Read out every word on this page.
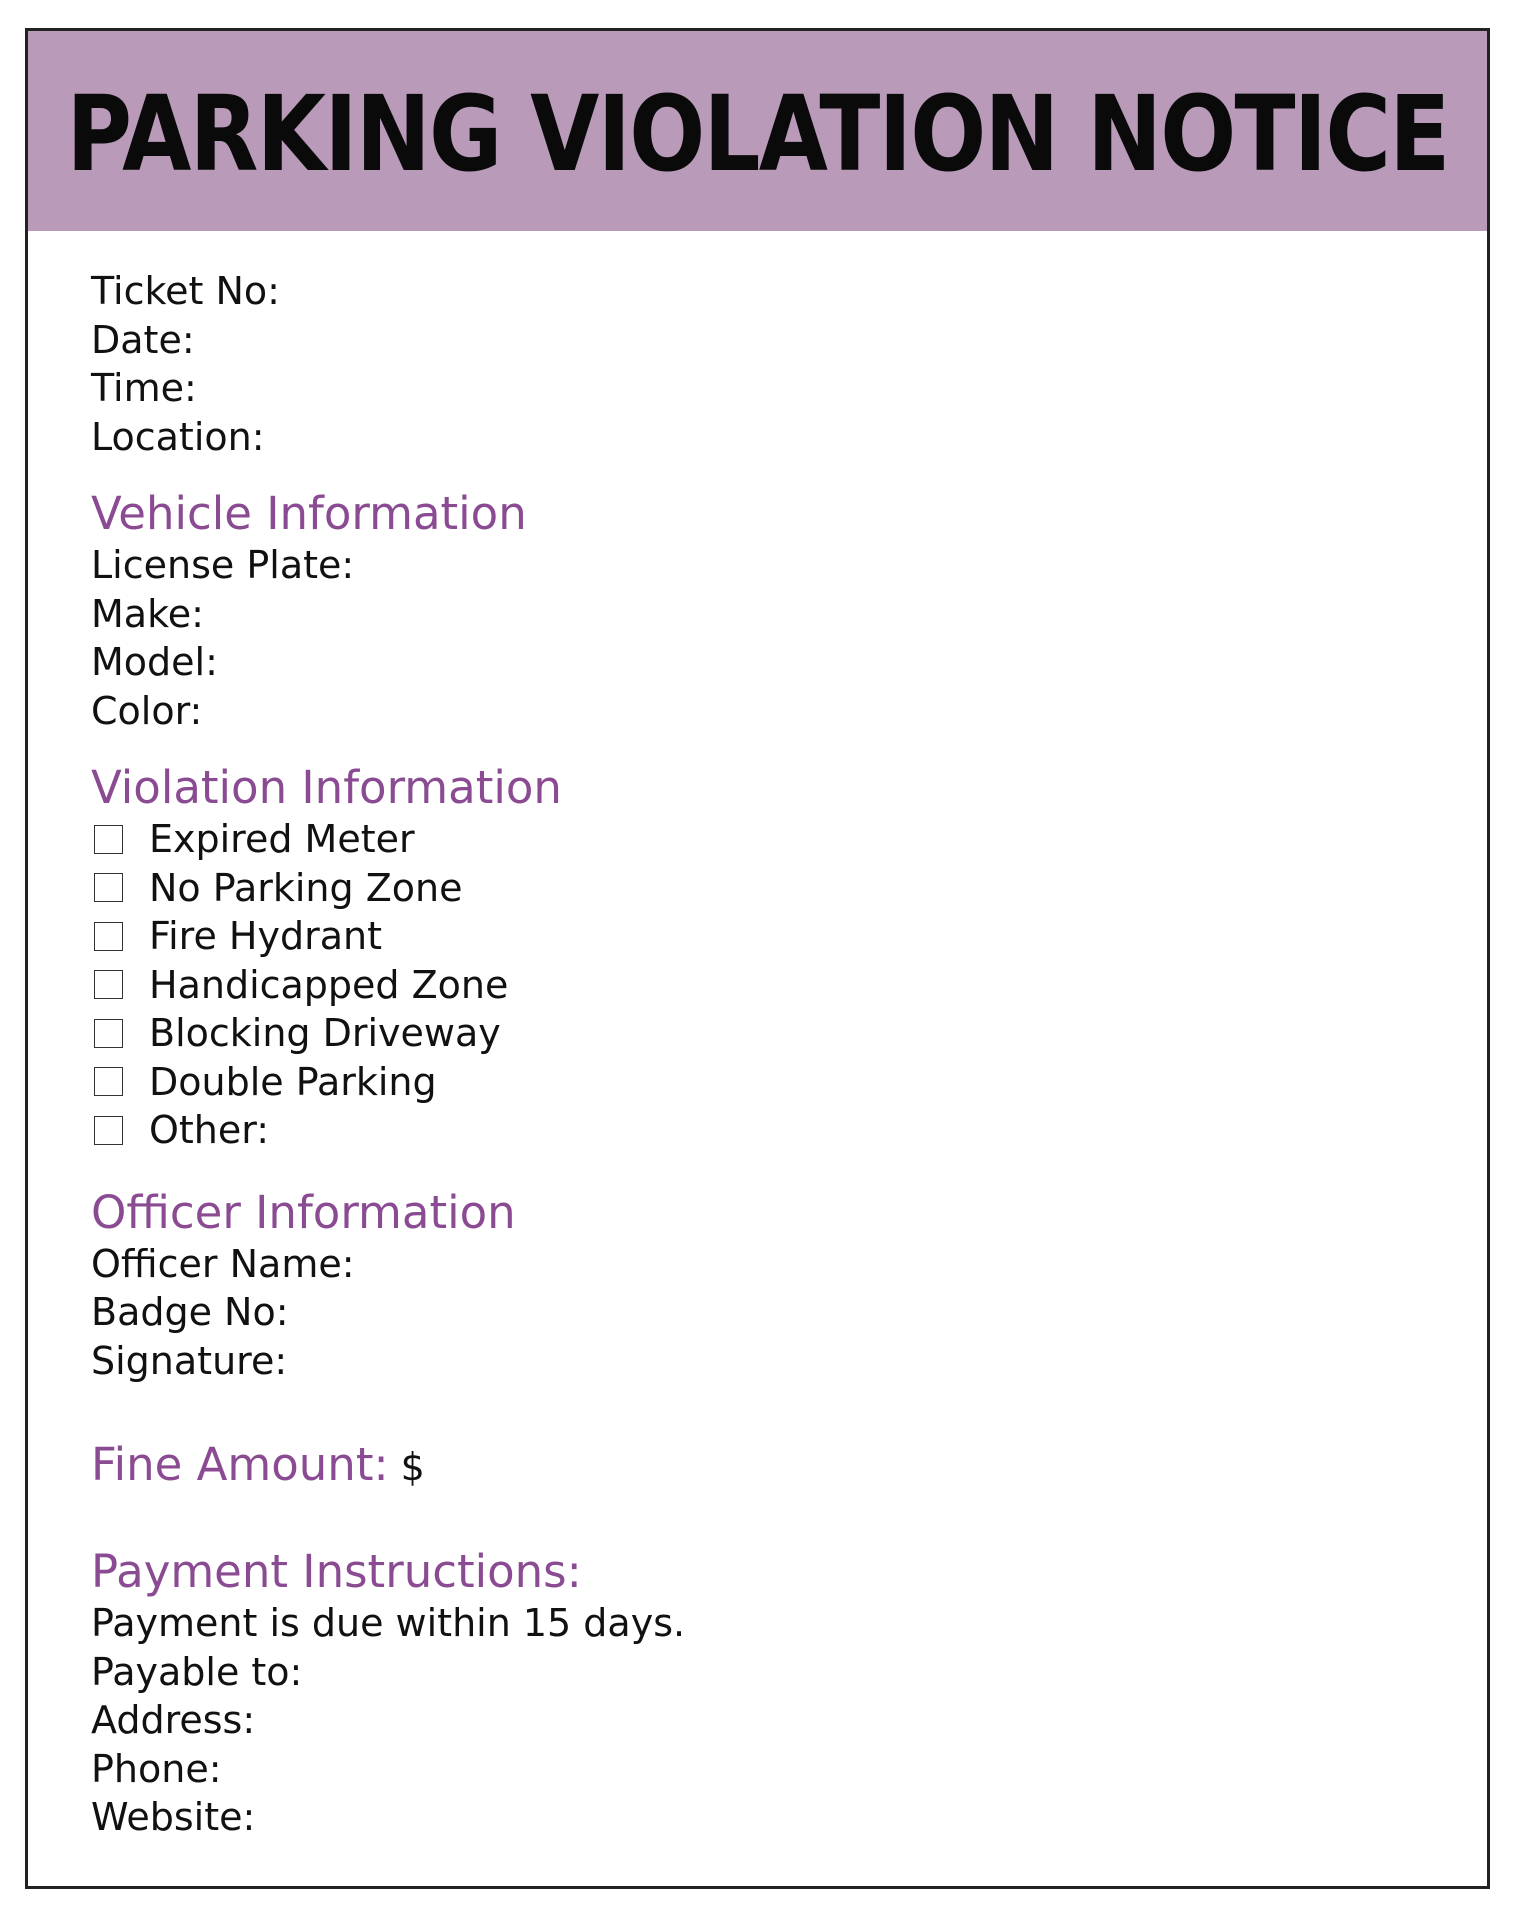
PARKING VIOLATION NOTICE
Ticket No:
Date:
Time:
Location:
Vehicle Information
License Plate:
Make:
Model:
Color:
Violation Information
Expired Meter
No Parking Zone
Fire Hydrant
Handicapped Zone
Blocking Driveway
Double Parking
Other:
Officer Information
Officer Name:
Badge No:
Signature:
Fine Amount: $
Payment Instructions:
Payment is due within 15 days.
Payable to:
Address:
Phone:
Website:
